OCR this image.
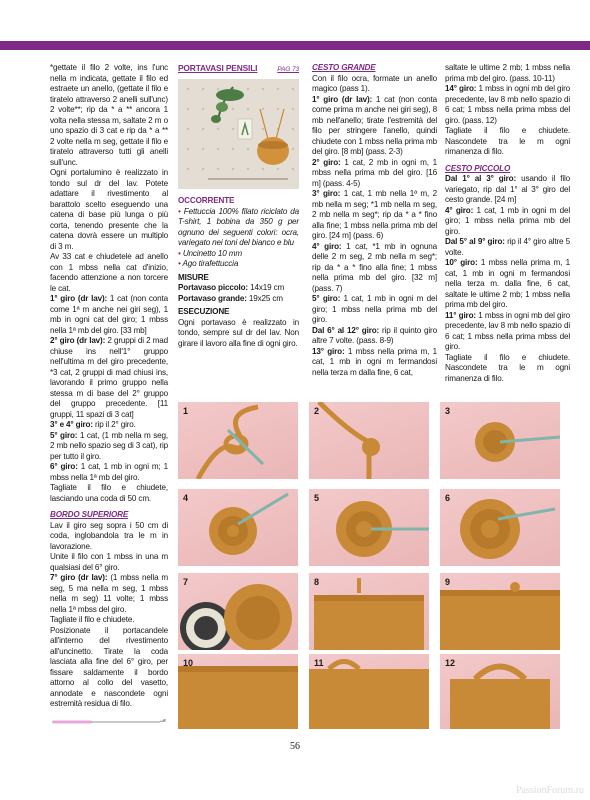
*gettate il filo 2 volte, ins l'unc nella m indicata, gettate il filo ed estraete un anello, (gettate il filo e tiratelo attraverso 2 anelli sull'unc) 2 volte**; rip da * a ** ancora 1 volta nella stessa m, saltate 2 m o uno spazio di 3 cat e rip da * a ** 2 volte nella m seg, gettate il filo e tiratelo attraverso tutti gli anelli sull'unc.

Ogni portalumino è realizzato in tondo sul dr del lav. Potete adattare il rivestimento al barattolo scelto eseguendo una catena di base più lunga o più corta, tenendo presente che la catena dovrà essere un multiplo di 3 m.

Av 33 cat e chiudetele ad anello con 1 mbss nella cat d'inizio, facendo attenzione a non torcere le cat.

1° giro (dr lav): 1 cat (non conta come 1ª m anche nei giri seg), 1 mb in ogni cat del giro; 1 mbss nella 1ª mb del giro. [33 mb]

2° giro (dr lav): 2 gruppi di 2 mad chiuse ins nell'1° gruppo nell'ultima m del giro precedente, *3 cat, 2 gruppi di mad chiusi ins, lavorando il primo gruppo nella stessa m di base del 2° gruppo del gruppo precedente. [11 gruppi, 11 spazi di 3 cat]

3° e 4° giro: rip il 2° giro.

5° giro: 1 cat, (1 mb nella m seg, 2 mb nello spazio seg di 3 cat), rip per tutto il giro.

6° giro: 1 cat, 1 mb in ogni m; 1 mbss nella 1ª mb del giro.

Tagliate il filo e chiudete, lasciando una coda di 50 cm.

BORDO SUPERIORE

Lav il giro seg sopra i 50 cm di coda, inglobandola tra le m in lavorazione.

Unite il filo con 1 mbss in una m qualsiasi del 6° giro.

7° giro (dr lav): (1 mbss nella m seg, 5 ma nella m seg, 1 mbss nella m seg) 11 volte; 1 mbss nella 1ª mbss del giro.

Tagliate il filo e chiudete.

Posizionate il portacandele all'interno del rivestimento all'uncinetto. Tirate la coda lasciata alla fine del 6° giro, per fissare saldamente il bordo attorno al collo del vasetto, annodate e nascondete ogni estremità residua di filo.

PORTAVASI PENSILI	PAG 73

OCCORRENTE

• Fettuccia 100% filato riciclato da T-shirt, 1 bobina da 350 g per ognuno dei seguenti colori: ocra, variegato nei toni del bianco e blu

• Uncinetto 10 mm

• Ago tirafettuccia

MISURE

Portavaso piccolo: 14x19 cm

Portavaso grande: 19x25 cm

ESECUZIONE

Ogni portavaso è realizzato in tondo, sempre sul dr del lav. Non girare il lavoro alla fine di ogni giro.

CESTO GRANDE

Con il filo ocra, formate un anello magico (pass 1).

1° giro (dr lav): 1 cat (non conta come prima m anche nei giri seg), 8 mb nell'anello; tirate l'estremità del filo per stringere l'anello, quindi chiudete con 1 mbss nella prima mb del giro. [8 mb] (pass. 2-3)

2° giro: 1 cat, 2 mb in ogni m, 1 mbss nella prima mb del giro. [16 m] (pass. 4-5)

3° giro: 1 cat, 1 mb nella 1ª m, 2 mb nella m seg; *1 mb nella m seg, 2 mb nella m seg*; rip da * a * fino alla fine; 1 mbss nella prima mb del giro. [24 m] (pass. 6)

4° giro: 1 cat, *1 mb in ognuna delle 2 m seg, 2 mb nella m seg*; rip da * a * fino alla fine; 1 mbss nella prima mb del giro. [32 m] (pass. 7)

5° giro: 1 cat, 1 mb in ogni m del giro; 1 mbss nella prima mb del giro.

Dal 6° al 12° giro: rip il quinto giro altre 7 volte. (pass. 8-9)

13° giro: 1 mbss nella prima m, 1 cat, 1 mb in ogni m fermandosi nella terza m dalla fine, 6 cat,

saltate le ultime 2 mb; 1 mbss nella prima mb del giro. (pass. 10-11)

14° giro: 1 mbss in ogni mb del giro precedente, lav 8 mb nello spazio di 6 cat; 1 mbss nella prima mbss del giro. (pass. 12)

Tagliate il filo e chiudete. Nascondete tra le m ogni rimanenza di filo.

CESTO PICCOLO

Dal 1° al 3° giro: usando il filo variegato, rip dal 1° al 3° giro del cesto grande. [24 m]

4° giro: 1 cat, 1 mb in ogni m del giro; 1 mbss nella prima mb del giro.

Dal 5° al 9° giro: rip il 4° giro altre 5 volte.

10° giro: 1 mbss nella prima m, 1 cat, 1 mb in ogni m fermandosi nella terza m. dalla fine, 6 cat, saltate le ultime 2 mb; 1 mbss nella prima mb del giro.

11° giro: 1 mbss in ogni mb del giro precedente, lav 8 mb nello spazio di 6 cat; 1 mbss nella prima mbss del giro.

Tagliate il filo e chiudete. Nascondete tra le m ogni rimanenza di filo.

1	2	3
4	5	6
7	8	9
10	11	12
56
PassionForum.ru
